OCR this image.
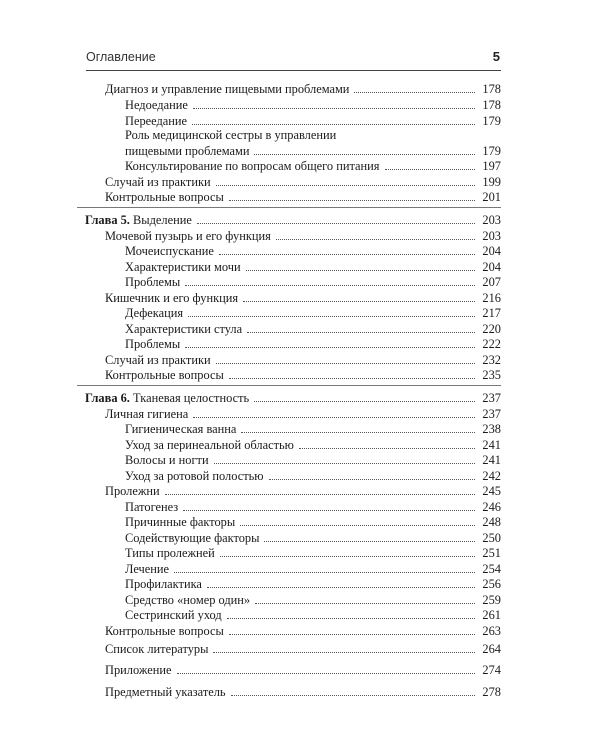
Оглавление	5
Диагноз и управление пищевыми проблемами	178
Недоедание	178
Переедание	179
Роль медицинской сестры в управлении
пищевыми проблемами	179
Консультирование по вопросам общего питания	197
Случай из практики	199
Контрольные вопросы	201
Глава 5. Выделение	203
Мочевой пузырь и его функция	203
Мочеиспускание	204
Характеристики мочи	204
Проблемы	207
Кишечник и его функция	216
Дефекация	217
Характеристики стула	220
Проблемы	222
Случай из практики	232
Контрольные вопросы	235
Глава 6. Тканевая целостность	237
Личная гигиена	237
Гигиеническая ванна	238
Уход за перинеальной областью	241
Волосы и ногти	241
Уход за ротовой полостью	242
Пролежни	245
Патогенез	246
Причинные факторы	248
Содействующие факторы	250
Типы пролежней	251
Лечение	254
Профилактика	256
Средство «номер один»	259
Сестринский уход	261
Контрольные вопросы	263
Список литературы	264
Приложение	274
Предметный указатель	278
